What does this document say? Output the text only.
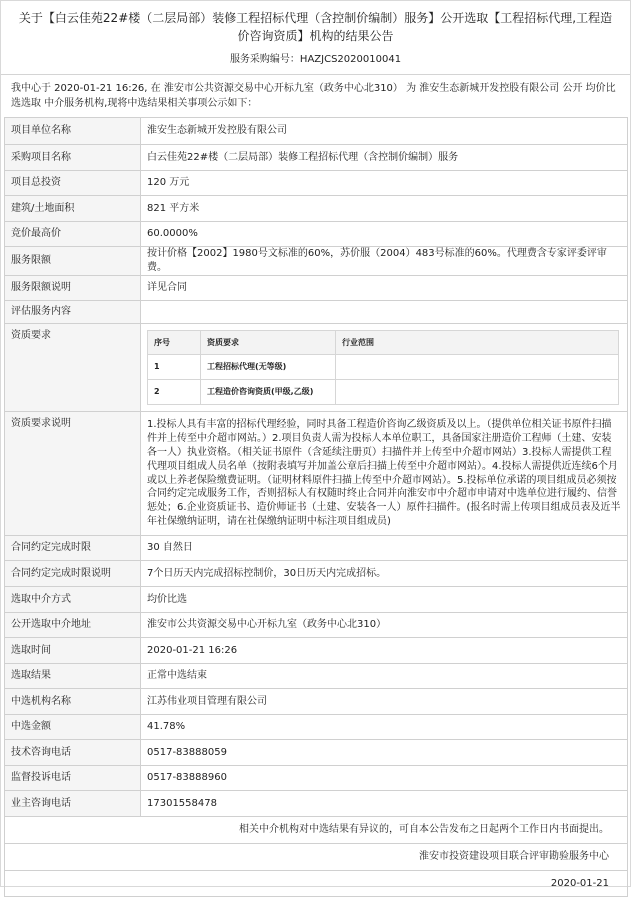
关于【白云佳苑22#楼（二层局部）装修工程招标代理（含控制价编制）服务】公开选取【工程招标代理,工程造价咨询资质】机构的结果公告
服务采购编号：HAZJCS2020010041
我中心于 2020-01-21 16:26, 在 淮安市公共资源交易中心开标九室（政务中心北310） 为 淮安生态新城开发控股有限公司 公开 均价比选选取 中介服务机构,现将中选结果相关事项公示如下：
项目单位名称	淮安生态新城开发控股有限公司
采购项目名称	白云佳苑22#楼（二层局部）装修工程招标代理（含控制价编制）服务
项目总投资	120 万元
建筑/土地面积	821 平方米
竞价最高价	60.0000%
服务限额	按计价格【2002】1980号文标准的60%，苏价服（2004）483号标准的60%。代理费含专家评委评审费。
服务限额说明	详见合同
评估服务内容	
资质要求	
序号	资质要求	行业范围
1	工程招标代理(无等级)	
2	工程造价咨询资质(甲级,乙级)	

资质要求说明	1.投标人具有丰富的招标代理经验，同时具备工程造价咨询乙级资质及以上。（提供单位相关证书原件扫描件并上传至中介超市网站。）2.项目负责人需为投标人本单位职工，具备国家注册造价工程师（土建、安装各一人）执业资格。（相关证书原件（含延续注册页）扫描件并上传至中介超市网站）3.投标人需提供工程代理项目组成人员名单（按附表填写并加盖公章后扫描上传至中介超市网站）。4.投标人需提供近连续6个月或以上养老保险缴费证明。（证明材料原件扫描上传至中介超市网站）。5.投标单位承诺的项目组成员必须按合同约定完成服务工作，否则招标人有权随时终止合同并向淮安市中介超市申请对中选单位进行履约、信誉惩处；6.企业资质证书、造价师证书（土建、安装各一人）原件扫描件。(报名时需上传项目组成员表及近半年社保缴纳证明，请在社保缴纳证明中标注项目组成员)
合同约定完成时限	30 自然日
合同约定完成时限说明	7个日历天内完成招标控制价，30日历天内完成招标。
选取中介方式	均价比选
公开选取中介地址	淮安市公共资源交易中心开标九室（政务中心北310）
选取时间	2020-01-21 16:26
选取结果	正常中选结束
中选机构名称	江苏伟业项目管理有限公司
中选金额	41.78%
技术咨询电话	0517-83888059
监督投诉电话	0517-83888960
业主咨询电话	17301558478

相关中介机构对中选结果有异议的，可自本公告发布之日起两个工作日内书面提出。

淮安市投资建设项目联合评审勘验服务中心

2020-01-21
